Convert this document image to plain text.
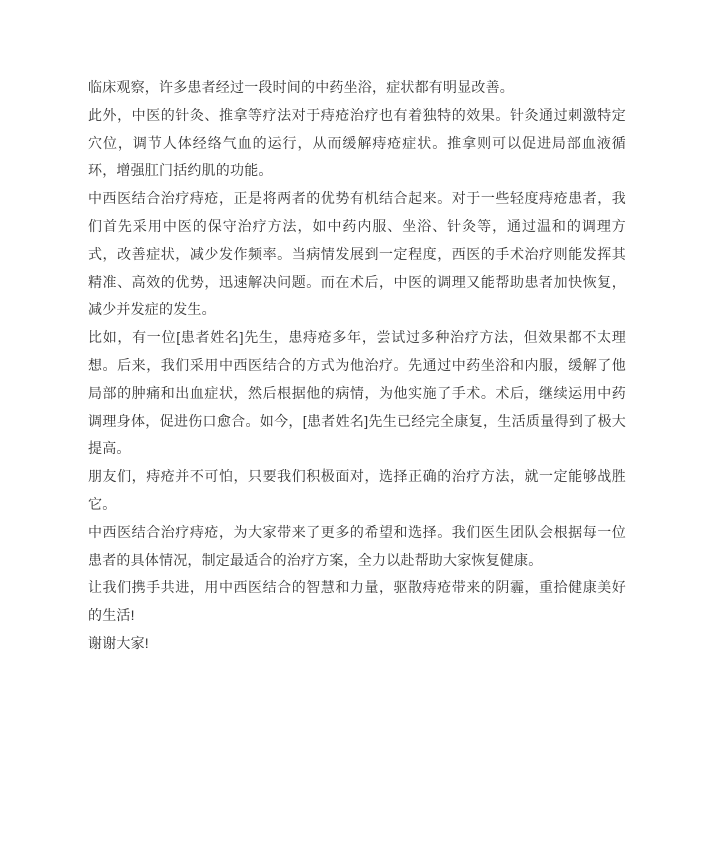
临床观察，许多患者经过一段时间的中药坐浴，症状都有明显改善。

此外，中医的针灸、推拿等疗法对于痔疮治疗也有着独特的效果。针灸通过刺激特定穴位，调节人体经络气血的运行，从而缓解痔疮症状。推拿则可以促进局部血液循环，增强肛门括约肌的功能。

中西医结合治疗痔疮，正是将两者的优势有机结合起来。对于一些轻度痔疮患者，我们首先采用中医的保守治疗方法，如中药内服、坐浴、针灸等，通过温和的调理方式，改善症状，减少发作频率。当病情发展到一定程度，西医的手术治疗则能发挥其精准、高效的优势，迅速解决问题。而在术后，中医的调理又能帮助患者加快恢复，减少并发症的发生。

比如，有一位[患者姓名]先生，患痔疮多年，尝试过多种治疗方法，但效果都不太理想。后来，我们采用中西医结合的方式为他治疗。先通过中药坐浴和内服，缓解了他局部的肿痛和出血症状，然后根据他的病情，为他实施了手术。术后，继续运用中药调理身体，促进伤口愈合。如今，[患者姓名]先生已经完全康复，生活质量得到了极大提高。

朋友们，痔疮并不可怕，只要我们积极面对，选择正确的治疗方法，就一定能够战胜它。

中西医结合治疗痔疮，为大家带来了更多的希望和选择。我们医生团队会根据每一位患者的具体情况，制定最适合的治疗方案，全力以赴帮助大家恢复健康。

让我们携手共进，用中西医结合的智慧和力量，驱散痔疮带来的阴霾，重拾健康美好的生活!

谢谢大家!
